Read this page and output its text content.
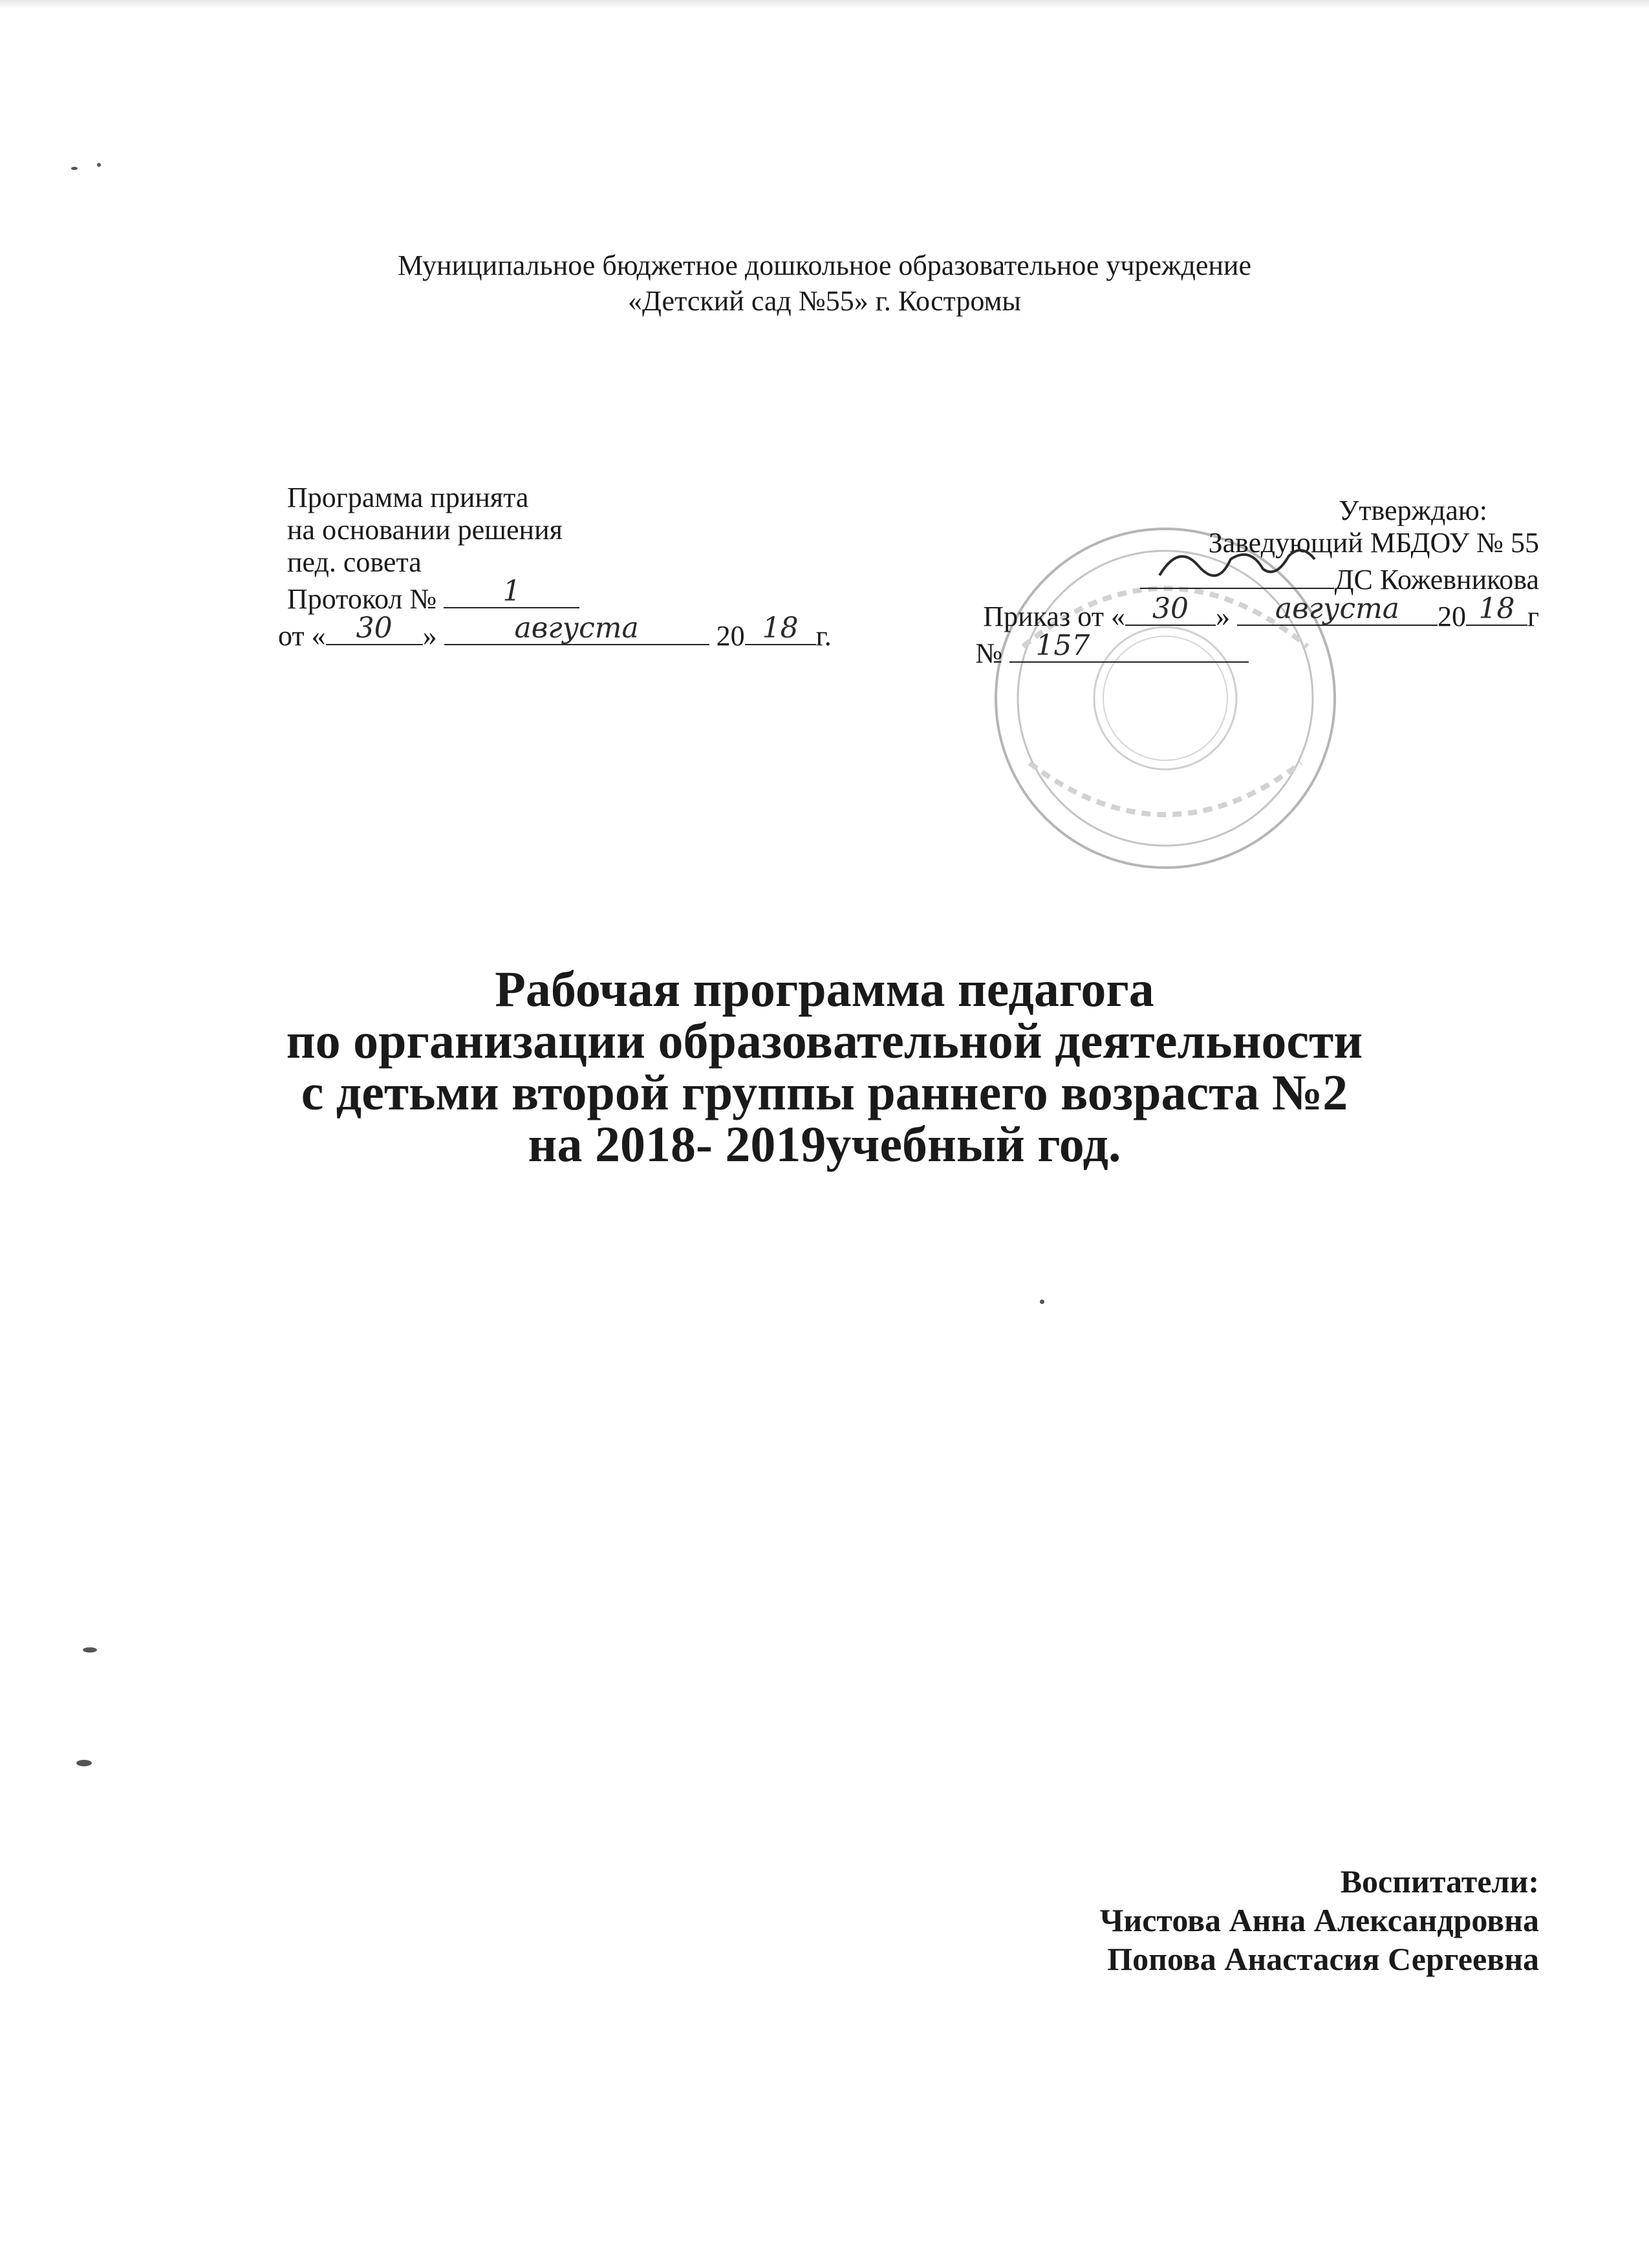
Муниципальное бюджетное дошкольное образовательное учреждение
«Детский сад №55» г. Костромы
Программа принята
на основании решения
пед. совета
Протокол №	1
от «	30	»	августа	20 18 г.
Утверждаю:
Заведующий МБДОУ № 55
ДС Кожевникова
Приказ от « 30 »	августа	20 18 г
№ 157
Рабочая программа педагога
по организации образовательной деятельности
с детьми второй группы раннего возраста №2
на 2018- 2019учебный год.
Воспитатели:
Чистова Анна Александровна
Попова Анастасия Сергеевна
